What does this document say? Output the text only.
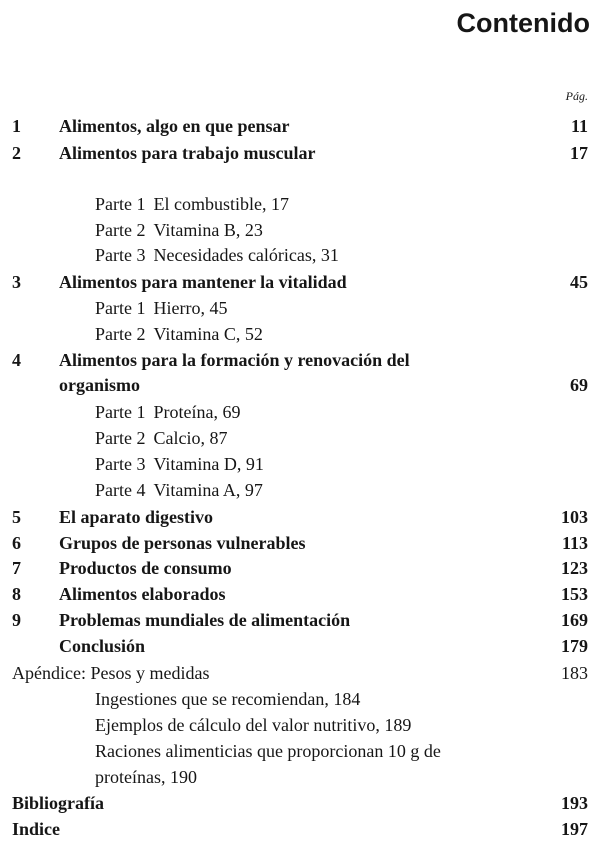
Contenido
Pág.
1 Alimentos, algo en que pensar	11
2 Alimentos para trabajo muscular	17
Parte 1 El combustible, 17
Parte 2 Vitamina B, 23
Parte 3 Necesidades calóricas, 31
3 Alimentos para mantener la vitalidad	45
Parte 1 Hierro, 45
Parte 2 Vitamina C, 52
4 Alimentos para la formación y renovación del
organismo	69
Parte 1 Proteína, 69
Parte 2 Calcio, 87
Parte 3 Vitamina D, 91
Parte 4 Vitamina A, 97
5 El aparato digestivo	103
6 Grupos de personas vulnerables	113
7 Productos de consumo	123
8 Alimentos elaborados	153
9 Problemas mundiales de alimentación	169
Conclusión	179
Apéndice: Pesos y medidas	183
Ingestiones que se recomiendan, 184
Ejemplos de cálculo del valor nutritivo, 189
Raciones alimenticias que proporcionan 10 g de
proteínas, 190
Bibliografía	193
Indice	197
